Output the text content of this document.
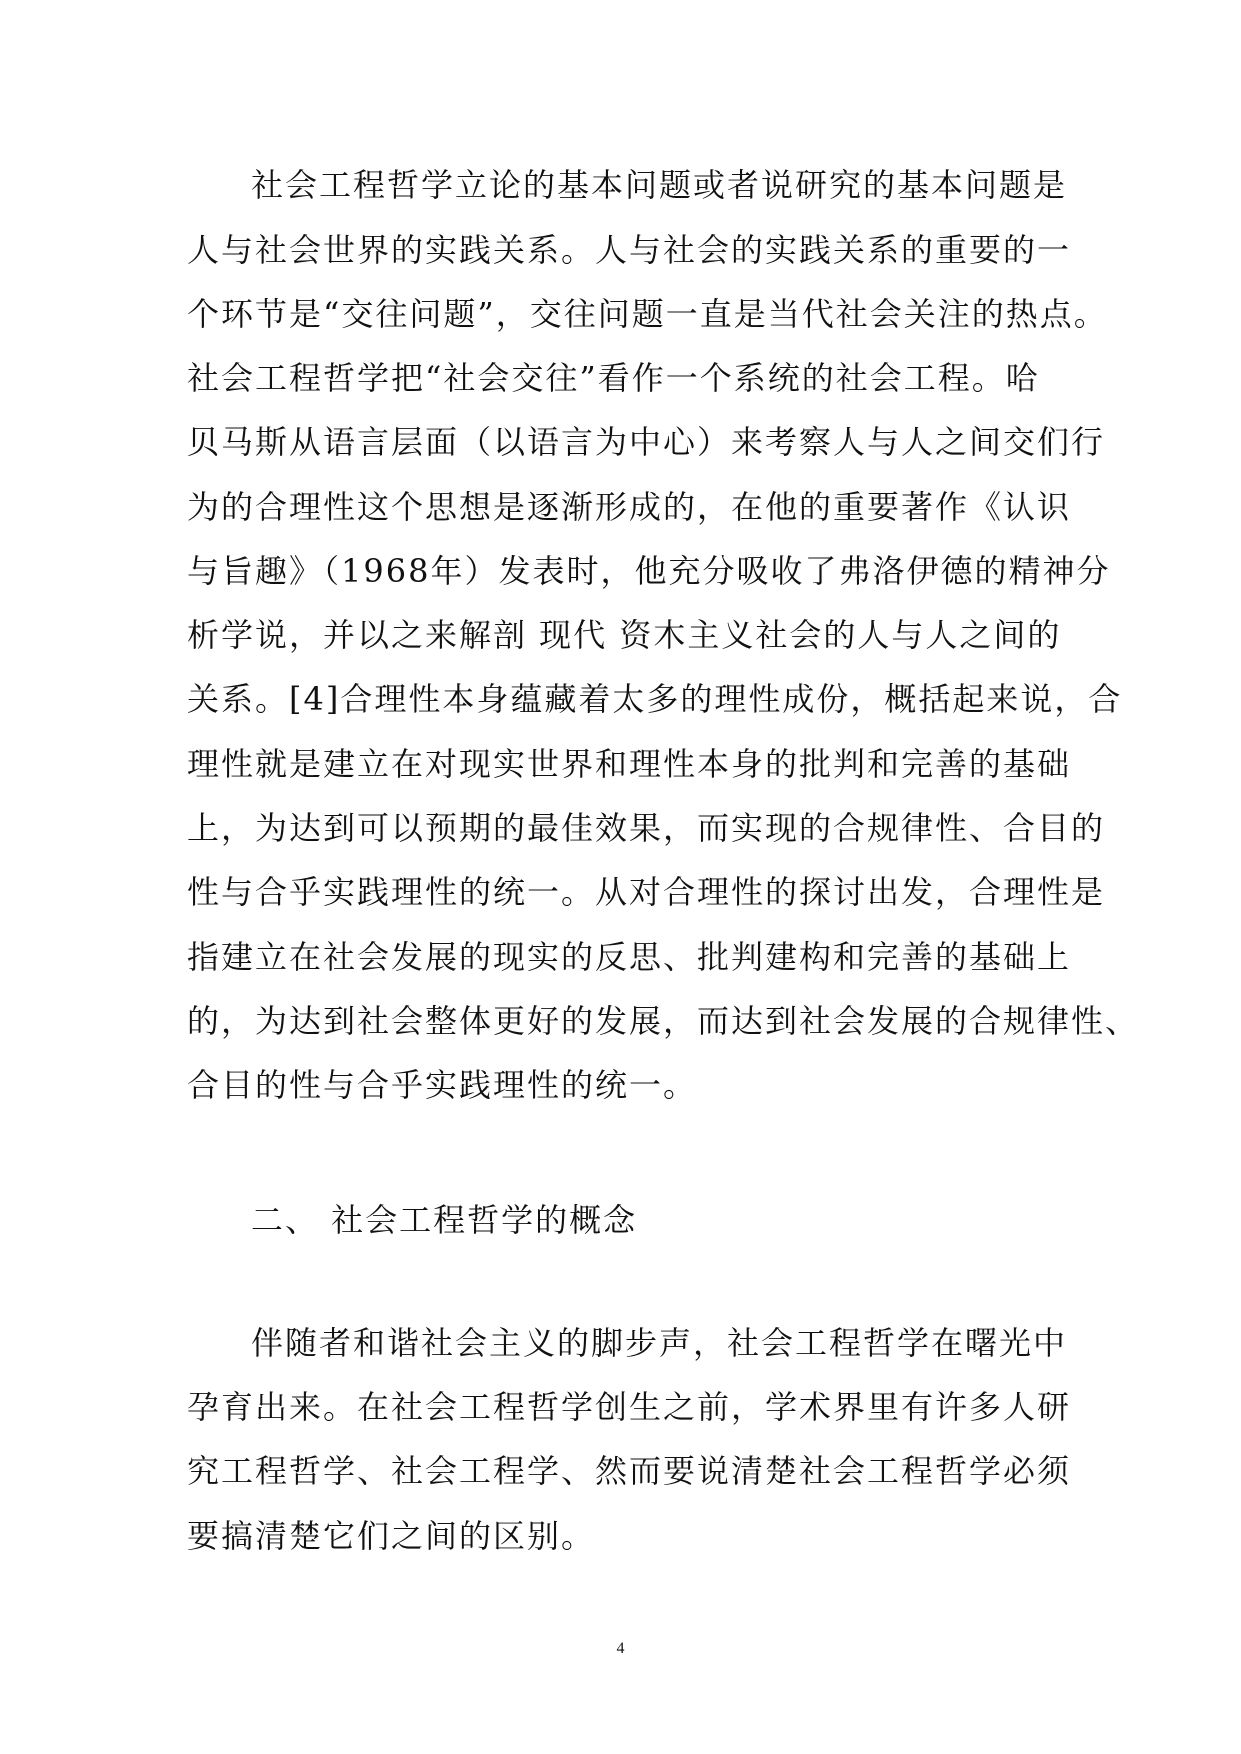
社会工程哲学立论的基本问题或者说研究的基本问题是
人与社会世界的实践关系。人与社会的实践关系的重要的一
个环节是“交往问题”，交往问题一直是当代社会关注的热点。
社会工程哲学把“社会交往”看作一个系统的社会工程。哈
贝马斯从语言层面（以语言为中心）来考察人与人之间交们行
为的合理性这个思想是逐渐形成的，在他的重要著作《认识
与旨趣》（1968年）发表时，他充分吸收了弗洛伊德的精神分
析学说，并以之来解剖 现代 资木主义社会的人与人之间的
关系。[4]合理性本身蕴藏着太多的理性成份，概括起来说，合
理性就是建立在对现实世界和理性本身的批判和完善的基础
上，为达到可以预期的最佳效果，而实现的合规律性、合目的
性与合乎实践理性的统一。从对合理性的探讨出发，合理性是
指建立在社会发展的现实的反思、批判建构和完善的基础上
的，为达到社会整体更好的发展，而达到社会发展的合规律性、
合目的性与合乎实践理性的统一。
二、 社会工程哲学的概念
伴随者和谐社会主义的脚步声，社会工程哲学在曙光中
孕育出来。在社会工程哲学创生之前，学术界里有许多人研
究工程哲学、社会工程学、然而要说清楚社会工程哲学必须
要搞清楚它们之间的区别。
4
